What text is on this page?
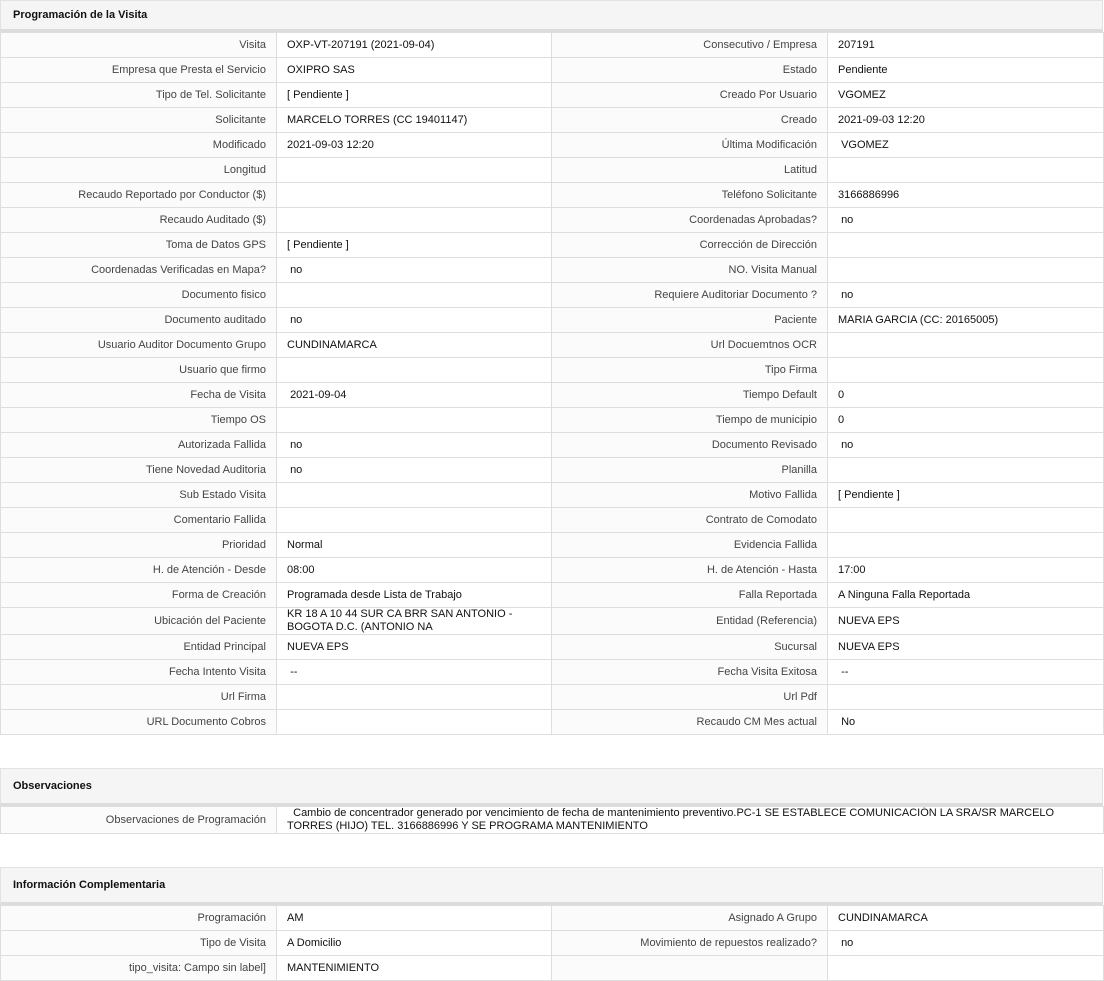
Programación de la Visita
Visita	OXP-VT-207191 (2021-09-04)	Consecutivo / Empresa	207191
Empresa que Presta el Servicio	OXIPRO SAS	Estado	Pendiente
Tipo de Tel. Solicitante	[ Pendiente ]	Creado Por Usuario	VGOMEZ
Solicitante	MARCELO TORRES (CC 19401147)	Creado	2021-09-03 12:20
Modificado	2021-09-03 12:20	Última Modificación	VGOMEZ
Longitud		Latitud	
Recaudo Reportado por Conductor ($)		Teléfono Solicitante	3166886996
Recaudo Auditado ($)		Coordenadas Aprobadas?	no
Toma de Datos GPS	[ Pendiente ]	Corrección de Dirección	
Coordenadas Verificadas en Mapa?	no	NO. Visita Manual	
Documento fisico		Requiere Auditoriar Documento ?	no
Documento auditado	no	Paciente	MARIA GARCIA (CC: 20165005)
Usuario Auditor Documento Grupo	CUNDINAMARCA	Url Docuemtnos OCR	
Usuario que firmo		Tipo Firma	
Fecha de Visita	2021-09-04	Tiempo Default	0
Tiempo OS		Tiempo de municipio	0
Autorizada Fallida	no	Documento Revisado	no
Tiene Novedad Auditoria	no	Planilla	
Sub Estado Visita		Motivo Fallida	[ Pendiente ]
Comentario Fallida		Contrato de Comodato	
Prioridad	Normal	Evidencia Fallida	
H. de Atención - Desde	08:00	H. de Atención - Hasta	17:00
Forma de Creación	Programada desde Lista de Trabajo	Falla Reportada	A Ninguna Falla Reportada
Ubicación del Paciente	KR 18 A 10 44 SUR CA BRR SAN ANTONIO - BOGOTA D.C. (ANTONIO NA	Entidad (Referencia)	NUEVA EPS
Entidad Principal	NUEVA EPS	Sucursal	NUEVA EPS
Fecha Intento Visita	--	Fecha Visita Exitosa	--
Url Firma		Url Pdf	
URL Documento Cobros		Recaudo CM Mes actual	No
Observaciones
Observaciones de Programación	Cambio de concentrador generado por vencimiento de fecha de mantenimiento preventivo.PC-1 SE ESTABLECE COMUNICACIÓN LA SRA/SR MARCELO TORRES (HIJO) TEL. 3166886996 Y SE PROGRAMA MANTENIMIENTO
Información Complementaria
Programación	AM	Asignado A Grupo	CUNDINAMARCA
Tipo de Visita	A Domicilio	Movimiento de repuestos realizado?	no
tipo_visita: Campo sin label]	MANTENIMIENTO		
